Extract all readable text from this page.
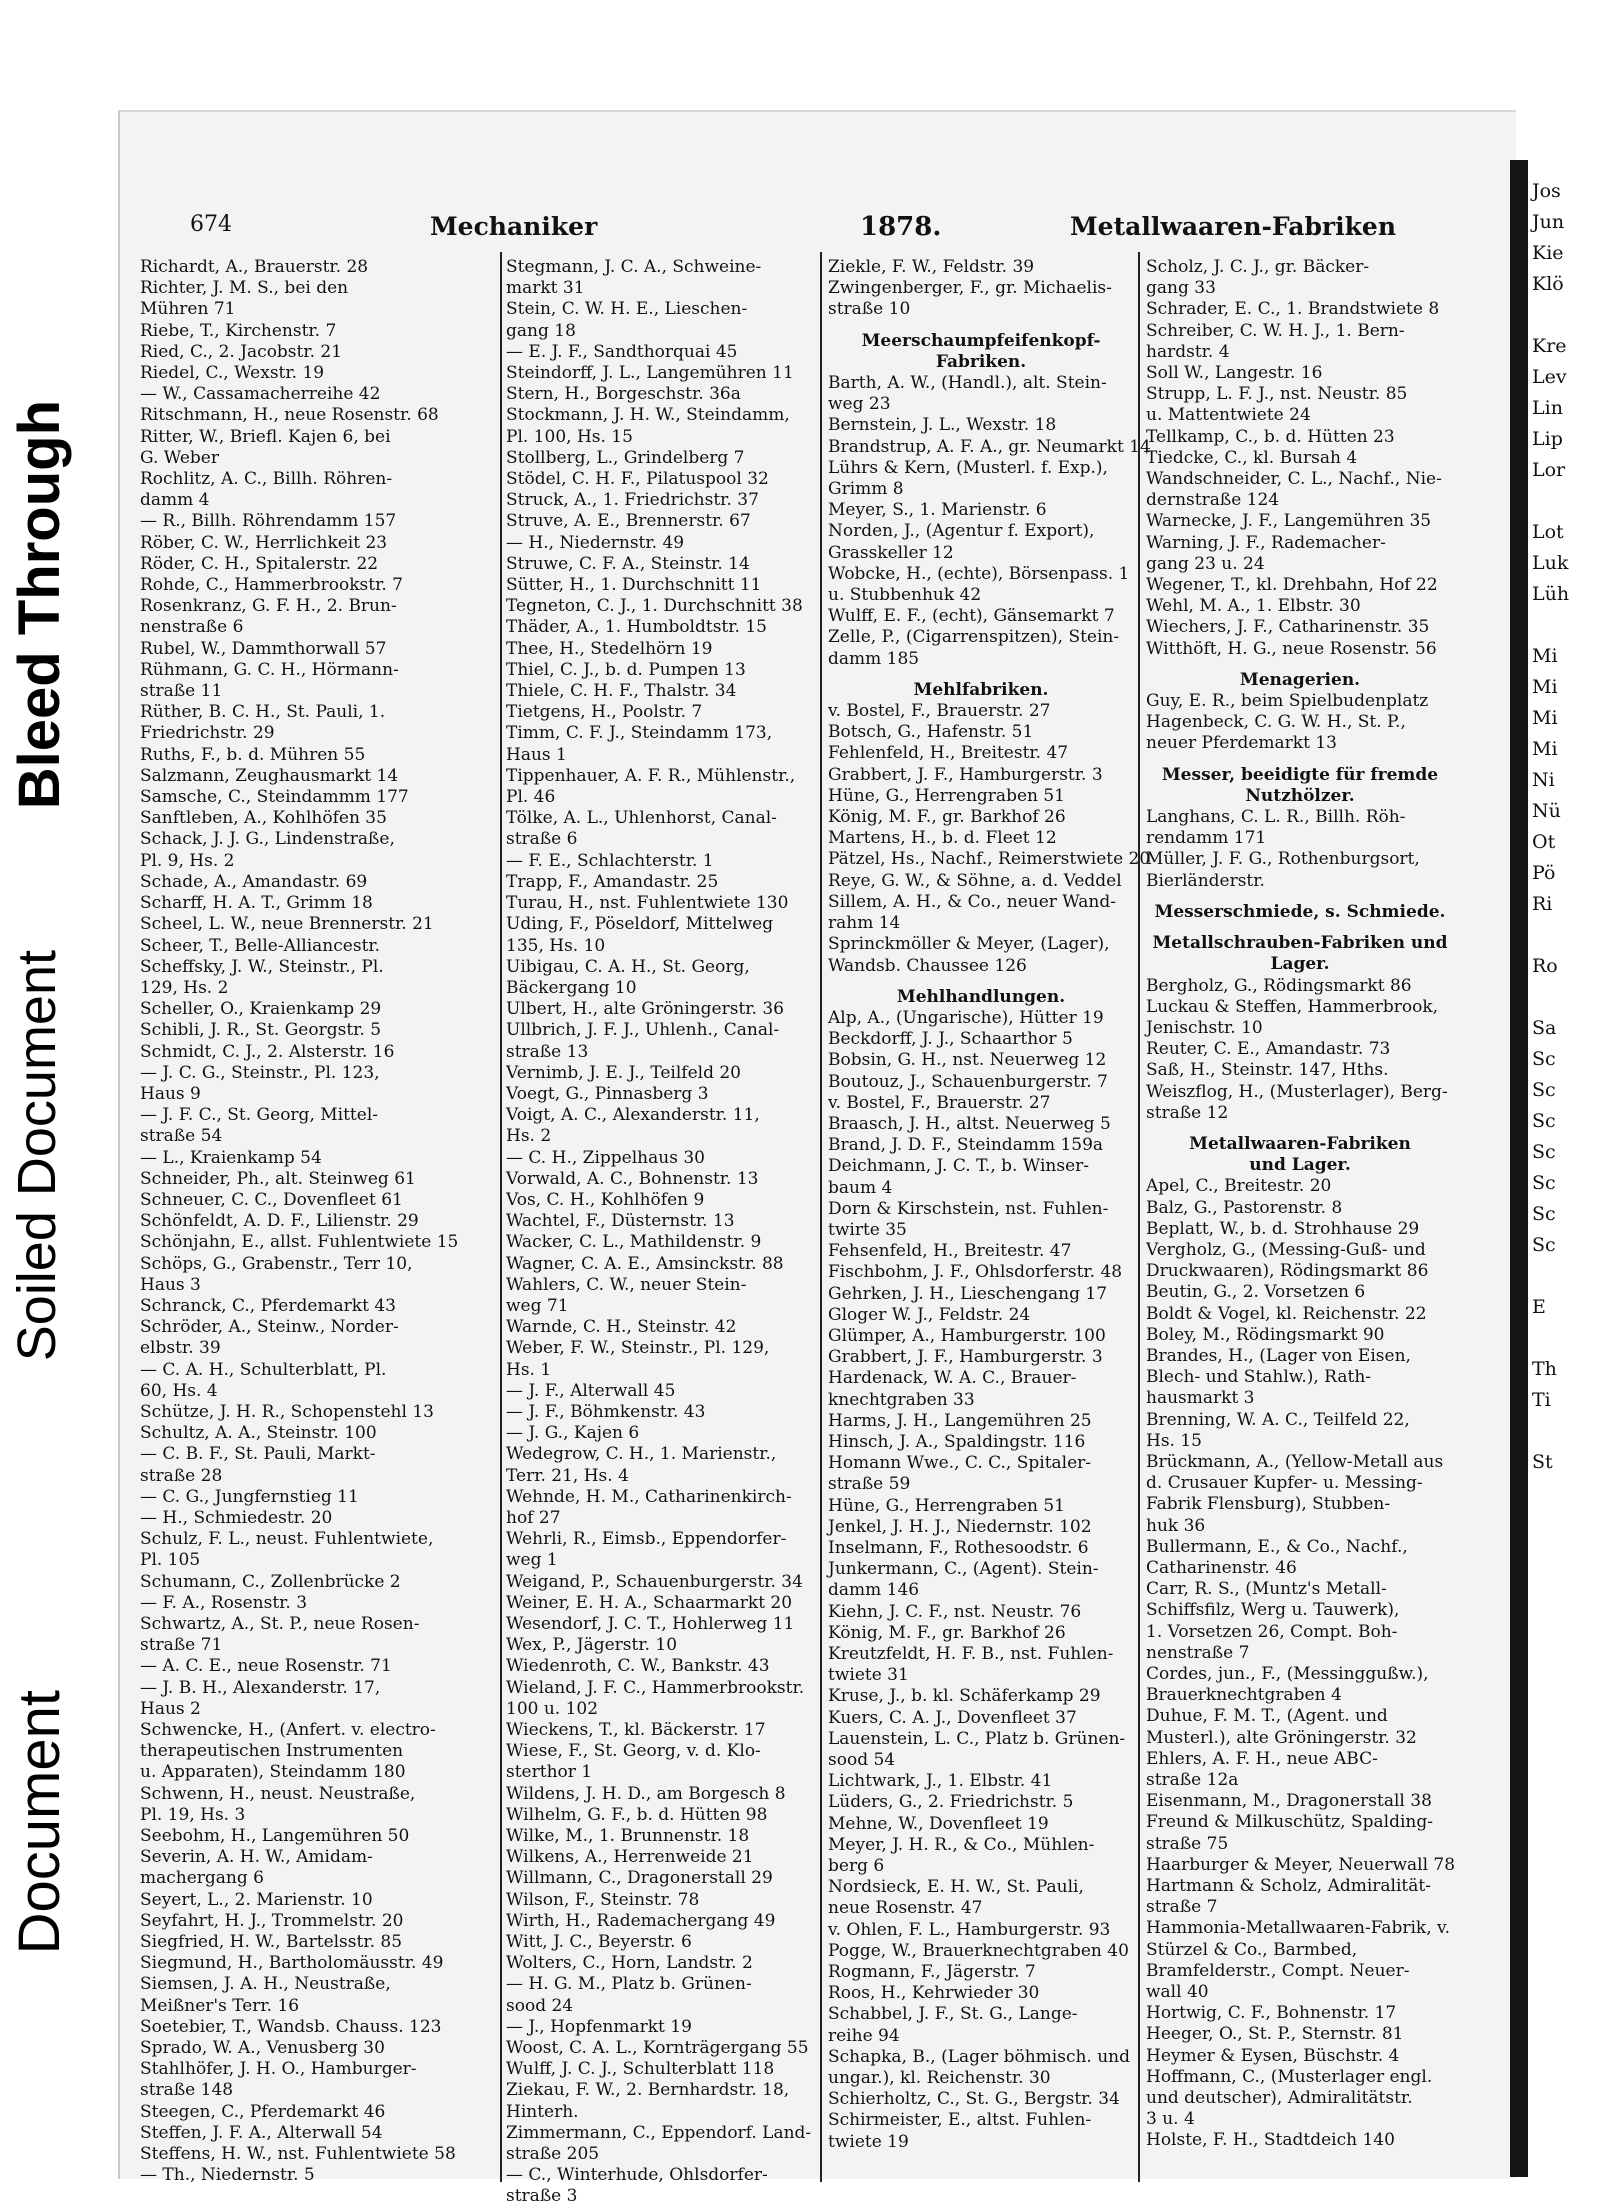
Document
Soiled Document
Bleed Through
674	Mechaniker	1878.	Metallwaaren-Fabriken
Richardt, A., Brauerstr. 28
Richter, J. M. S., bei den
Mühren 71
Riebe, T., Kirchenstr. 7
Ried, C., 2. Jacobstr. 21
Riedel, C., Wexstr. 19
— W., Cassamacherreihe 42
Ritschmann, H., neue Rosenstr. 68
Ritter, W., Briefl. Kajen 6, bei
G. Weber
Rochlitz, A. C., Billh. Röhren-
damm 4
— R., Billh. Röhrendamm 157
Röber, C. W., Herrlichkeit 23
Röder, C. H., Spitalerstr. 22
Rohde, C., Hammerbrookstr. 7
Rosenkranz, G. F. H., 2. Brun-
nenstraße 6
Rubel, W., Dammthorwall 57
Rühmann, G. C. H., Hörmann-
straße 11
Rüther, B. C. H., St. Pauli, 1.
Friedrichstr. 29
Ruths, F., b. d. Mühren 55
Salzmann, Zeughausmarkt 14
Samsche, C., Steindammm 177
Sanftleben, A., Kohlhöfen 35
Schack, J. J. G., Lindenstraße,
Pl. 9, Hs. 2
Schade, A., Amandastr. 69
Scharff, H. A. T., Grimm 18
Scheel, L. W., neue Brennerstr. 21
Scheer, T., Belle-Alliancestr.
Scheffsky, J. W., Steinstr., Pl.
129, Hs. 2
Scheller, O., Kraienkamp 29
Schibli, J. R., St. Georgstr. 5
Schmidt, C. J., 2. Alsterstr. 16
— J. C. G., Steinstr., Pl. 123,
Haus 9
— J. F. C., St. Georg, Mittel-
straße 54
— L., Kraienkamp 54
Schneider, Ph., alt. Steinweg 61
Schneuer, C. C., Dovenfleet 61
Schönfeldt, A. D. F., Lilienstr. 29
Schönjahn, E., allst. Fuhlentwiete 15
Schöps, G., Grabenstr., Terr 10,
Haus 3
Schranck, C., Pferdemarkt 43
Schröder, A., Steinw., Norder-
elbstr. 39
— C. A. H., Schulterblatt, Pl.
60, Hs. 4
Schütze, J. H. R., Schopenstehl 13
Schultz, A. A., Steinstr. 100
— C. B. F., St. Pauli, Markt-
straße 28
— C. G., Jungfernstieg 11
— H., Schmiedestr. 20
Schulz, F. L., neust. Fuhlentwiete,
Pl. 105
Schumann, C., Zollenbrücke 2
— F. A., Rosenstr. 3
Schwartz, A., St. P., neue Rosen-
straße 71
— A. C. E., neue Rosenstr. 71
— J. B. H., Alexanderstr. 17,
Haus 2
Schwencke, H., (Anfert. v. electro-
therapeutischen Instrumenten
u. Apparaten), Steindamm 180
Schwenn, H., neust. Neustraße,
Pl. 19, Hs. 3
Seebohm, H., Langemühren 50
Severin, A. H. W., Amidam-
machergang 6
Seyert, L., 2. Marienstr. 10
Seyfahrt, H. J., Trommelstr. 20
Siegfried, H. W., Bartelsstr. 85
Siegmund, H., Bartholomäusstr. 49
Siemsen, J. A. H., Neustraße,
Meißner's Terr. 16
Soetebier, T., Wandsb. Chauss. 123
Sprado, W. A., Venusberg 30
Stahlhöfer, J. H. O., Hamburger-
straße 148
Steegen, C., Pferdemarkt 46
Steffen, J. F. A., Alterwall 54
Steffens, H. W., nst. Fuhlentwiete 58
— Th., Niedernstr. 5
Stegmann, J. C. A., Schweine-
markt 31
Stein, C. W. H. E., Lieschen-
gang 18
— E. J. F., Sandthorquai 45
Steindorff, J. L., Langemühren 11
Stern, H., Borgeschstr. 36a
Stockmann, J. H. W., Steindamm,
Pl. 100, Hs. 15
Stollberg, L., Grindelberg 7
Stödel, C. H. F., Pilatuspool 32
Struck, A., 1. Friedrichstr. 37
Struve, A. E., Brennerstr. 67
— H., Niedernstr. 49
Struwe, C. F. A., Steinstr. 14
Sütter, H., 1. Durchschnitt 11
Tegneton, C. J., 1. Durchschnitt 38
Thäder, A., 1. Humboldtstr. 15
Thee, H., Stedelhörn 19
Thiel, C. J., b. d. Pumpen 13
Thiele, C. H. F., Thalstr. 34
Tietgens, H., Poolstr. 7
Timm, C. F. J., Steindamm 173,
Haus 1
Tippenhauer, A. F. R., Mühlenstr.,
Pl. 46
Tölke, A. L., Uhlenhorst, Canal-
straße 6
— F. E., Schlachterstr. 1
Trapp, F., Amandastr. 25
Turau, H., nst. Fuhlentwiete 130
Uding, F., Pöseldorf, Mittelweg
135, Hs. 10
Uibigau, C. A. H., St. Georg,
Bäckergang 10
Ulbert, H., alte Gröningerstr. 36
Ullbrich, J. F. J., Uhlenh., Canal-
straße 13
Vernimb, J. E. J., Teilfeld 20
Voegt, G., Pinnasberg 3
Voigt, A. C., Alexanderstr. 11,
Hs. 2
— C. H., Zippelhaus 30
Vorwald, A. C., Bohnenstr. 13
Vos, C. H., Kohlhöfen 9
Wachtel, F., Düsternstr. 13
Wacker, C. L., Mathildenstr. 9
Wagner, C. A. E., Amsinckstr. 88
Wahlers, C. W., neuer Stein-
weg 71
Warnde, C. H., Steinstr. 42
Weber, F. W., Steinstr., Pl. 129,
Hs. 1
— J. F., Alterwall 45
— J. F., Böhmkenstr. 43
— J. G., Kajen 6
Wedegrow, C. H., 1. Marienstr.,
Terr. 21, Hs. 4
Wehnde, H. M., Catharinenkirch-
hof 27
Wehrli, R., Eimsb., Eppendorfer-
weg 1
Weigand, P., Schauenburgerstr. 34
Weiner, E. H. A., Schaarmarkt 20
Wesendorf, J. C. T., Hohlerweg 11
Wex, P., Jägerstr. 10
Wiedenroth, C. W., Bankstr. 43
Wieland, J. F. C., Hammerbrookstr.
100 u. 102
Wieckens, T., kl. Bäckerstr. 17
Wiese, F., St. Georg, v. d. Klo-
sterthor 1
Wildens, J. H. D., am Borgesch 8
Wilhelm, G. F., b. d. Hütten 98
Wilke, M., 1. Brunnenstr. 18
Wilkens, A., Herrenweide 21
Willmann, C., Dragonerstall 29
Wilson, F., Steinstr. 78
Wirth, H., Rademachergang 49
Witt, J. C., Beyerstr. 6
Wolters, C., Horn, Landstr. 2
— H. G. M., Platz b. Grünen-
sood 24
— J., Hopfenmarkt 19
Woost, C. A. L., Kornträgergang 55
Wulff, J. C. J., Schulterblatt 118
Ziekau, F. W., 2. Bernhardstr. 18,
Hinterh.
Zimmermann, C., Eppendorf. Land-
straße 205
— C., Winterhude, Ohlsdorfer-
straße 3
Ziekle, F. W., Feldstr. 39
Zwingenberger, F., gr. Michaelis-
straße 10
Meerschaumpfeifenkopf-
Fabriken.
Barth, A. W., (Handl.), alt. Stein-
weg 23
Bernstein, J. L., Wexstr. 18
Brandstrup, A. F. A., gr. Neumarkt 14
Lührs & Kern, (Musterl. f. Exp.),
Grimm 8
Meyer, S., 1. Marienstr. 6
Norden, J., (Agentur f. Export),
Grasskeller 12
Wobcke, H., (echte), Börsenpass. 1
u. Stubbenhuk 42
Wulff, E. F., (echt), Gänsemarkt 7
Zelle, P., (Cigarrenspitzen), Stein-
damm 185
Mehlfabriken.
v. Bostel, F., Brauerstr. 27
Botsch, G., Hafenstr. 51
Fehlenfeld, H., Breitestr. 47
Grabbert, J. F., Hamburgerstr. 3
Hüne, G., Herrengraben 51
König, M. F., gr. Barkhof 26
Martens, H., b. d. Fleet 12
Pätzel, Hs., Nachf., Reimerstwiete 20
Reye, G. W., & Söhne, a. d. Veddel
Sillem, A. H., & Co., neuer Wand-
rahm 14
Sprinckmöller & Meyer, (Lager),
Wandsb. Chaussee 126
Mehlhandlungen.
Alp, A., (Ungarische), Hütter 19
Beckdorff, J. J., Schaarthor 5
Bobsin, G. H., nst. Neuerweg 12
Boutouz, J., Schauenburgerstr. 7
v. Bostel, F., Brauerstr. 27
Braasch, J. H., altst. Neuerweg 5
Brand, J. D. F., Steindamm 159a
Deichmann, J. C. T., b. Winser-
baum 4
Dorn & Kirschstein, nst. Fuhlen-
twirte 35
Fehsenfeld, H., Breitestr. 47
Fischbohm, J. F., Ohlsdorferstr. 48
Gehrken, J. H., Lieschengang 17
Gloger W. J., Feldstr. 24
Glümper, A., Hamburgerstr. 100
Grabbert, J. F., Hamburgerstr. 3
Hardenack, W. A. C., Brauer-
knechtgraben 33
Harms, J. H., Langemühren 25
Hinsch, J. A., Spaldingstr. 116
Homann Wwe., C. C., Spitaler-
straße 59
Hüne, G., Herrengraben 51
Jenkel, J. H. J., Niedernstr. 102
Inselmann, F., Rothesoodstr. 6
Junkermann, C., (Agent). Stein-
damm 146
Kiehn, J. C. F., nst. Neustr. 76
König, M. F., gr. Barkhof 26
Kreutzfeldt, H. F. B., nst. Fuhlen-
twiete 31
Kruse, J., b. kl. Schäferkamp 29
Kuers, C. A. J., Dovenfleet 37
Lauenstein, L. C., Platz b. Grünen-
sood 54
Lichtwark, J., 1. Elbstr. 41
Lüders, G., 2. Friedrichstr. 5
Mehne, W., Dovenfleet 19
Meyer, J. H. R., & Co., Mühlen-
berg 6
Nordsieck, E. H. W., St. Pauli,
neue Rosenstr. 47
v. Ohlen, F. L., Hamburgerstr. 93
Pogge, W., Brauerknechtgraben 40
Rogmann, F., Jägerstr. 7
Roos, H., Kehrwieder 30
Schabbel, J. F., St. G., Lange-
reihe 94
Schapka, B., (Lager böhmisch. und
ungar.), kl. Reichenstr. 30
Schierholtz, C., St. G., Bergstr. 34
Schirmeister, E., altst. Fuhlen-
twiete 19
Scholz, J. C. J., gr. Bäcker-
gang 33
Schrader, E. C., 1. Brandstwiete 8
Schreiber, C. W. H. J., 1. Bern-
hardstr. 4
Soll W., Langestr. 16
Strupp, L. F. J., nst. Neustr. 85
u. Mattentwiete 24
Tellkamp, C., b. d. Hütten 23
Tiedcke, C., kl. Bursah 4
Wandschneider, C. L., Nachf., Nie-
dernstraße 124
Warnecke, J. F., Langemühren 35
Warning, J. F., Rademacher-
gang 23 u. 24
Wegener, T., kl. Drehbahn, Hof 22
Wehl, M. A., 1. Elbstr. 30
Wiechers, J. F., Catharinenstr. 35
Witthöft, H. G., neue Rosenstr. 56
Menagerien.
Guy, E. R., beim Spielbudenplatz
Hagenbeck, C. G. W. H., St. P.,
neuer Pferdemarkt 13
Messer, beeidigte für fremde
Nutzhölzer.
Langhans, C. L. R., Billh. Röh-
rendamm 171
Müller, J. F. G., Rothenburgsort,
Bierländerstr.
Messerschmiede, s. Schmiede.
Metallschrauben-Fabriken und
Lager.
Bergholz, G., Rödingsmarkt 86
Luckau & Steffen, Hammerbrook,
Jenischstr. 10
Reuter, C. E., Amandastr. 73
Saß, H., Steinstr. 147, Hths.
Weiszflog, H., (Musterlager), Berg-
straße 12
Metallwaaren-Fabriken
und Lager.
Apel, C., Breitestr. 20
Balz, G., Pastorenstr. 8
Beplatt, W., b. d. Strohhause 29
Vergholz, G., (Messing-Guß- und
Druckwaaren), Rödingsmarkt 86
Beutin, G., 2. Vorsetzen 6
Boldt & Vogel, kl. Reichenstr. 22
Boley, M., Rödingsmarkt 90
Brandes, H., (Lager von Eisen,
Blech- und Stahlw.), Rath-
hausmarkt 3
Brenning, W. A. C., Teilfeld 22,
Hs. 15
Brückmann, A., (Yellow-Metall aus
d. Crusauer Kupfer- u. Messing-
Fabrik Flensburg), Stubben-
huk 36
Bullermann, E., & Co., Nachf.,
Catharinenstr. 46
Carr, R. S., (Muntz's Metall-
Schiffsfilz, Werg u. Tauwerk),
1. Vorsetzen 26, Compt. Boh-
nenstraße 7
Cordes, jun., F., (Messinggußw.),
Brauerknechtgraben 4
Duhue, F. M. T., (Agent. und
Musterl.), alte Gröningerstr. 32
Ehlers, A. F. H., neue ABC-
straße 12a
Eisenmann, M., Dragonerstall 38
Freund & Milkuschütz, Spalding-
straße 75
Haarburger & Meyer, Neuerwall 78
Hartmann & Scholz, Admiralität-
straße 7
Hammonia-Metallwaaren-Fabrik, v.
Stürzel & Co., Barmbed,
Bramfelderstr., Compt. Neuer-
wall 40
Hortwig, C. F., Bohnenstr. 17
Heeger, O., St. P., Sternstr. 81
Heymer & Eysen, Büschstr. 4
Hoffmann, C., (Musterlager engl.
und deutscher), Admiralitätstr.
3 u. 4
Holste, F. H., Stadtdeich 140
Jos
Jun
Kie
Klö
Kre
Lev
Lin
Lip
Lor
Lot
Luk
Lüh
Mi
Mi
Mi
Mi
Ni
Nü
Ot
Pö
Ri
Ro
Sa
Sc
Sc
Sc
Sc
Sc
Sc
Sc
E
Th
Ti
St
